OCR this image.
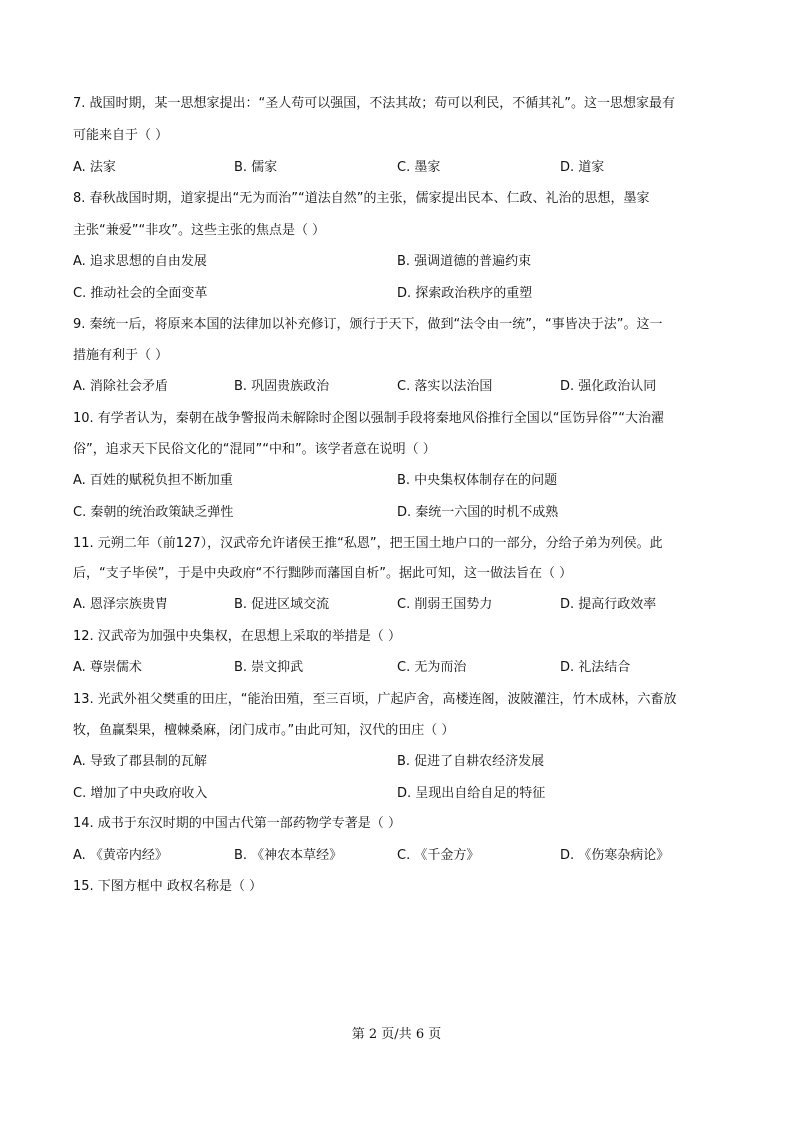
7. 战国时期，某一思想家提出：“圣人苟可以强国，不法其故；苟可以利民，不循其礼”。这一思想家最有
可能来自于（ ）
A. 法家	B. 儒家	C. 墨家	D. 道家
8. 春秋战国时期，道家提出“无为而治”“道法自然”的主张，儒家提出民本、仁政、礼治的思想，墨家
主张“兼爱”“非攻”。这些主张的焦点是（ ）
A. 追求思想的自由发展	B. 强调道德的普遍约束
C. 推动社会的全面变革	D. 探索政治秩序的重塑
9. 秦统一后，将原来本国的法律加以补充修订，颁行于天下，做到“法令由一统”，“事皆决于法”。这一
措施有利于（ ）
A. 消除社会矛盾	B. 巩固贵族政治	C. 落实以法治国	D. 强化政治认同
10. 有学者认为，秦朝在战争警报尚未解除时企图以强制手段将秦地风俗推行全国以“匡饬异俗”“大治濯
俗”，追求天下民俗文化的“混同”“中和”。该学者意在说明（ ）
A. 百姓的赋税负担不断加重	B. 中央集权体制存在的问题
C. 秦朝的统治政策缺乏弹性	D. 秦统一六国的时机不成熟
11. 元朔二年（前127），汉武帝允许诸侯王推“私恩”，把王国土地户口的一部分，分给子弟为列侯。此
后，“支子毕侯”，于是中央政府“不行黜陟而藩国自析”。据此可知，这一做法旨在（ ）
A. 恩泽宗族贵胄	B. 促进区域交流	C. 削弱王国势力	D. 提高行政效率
12. 汉武帝为加强中央集权，在思想上采取的举措是（ ）
A. 尊崇儒术	B. 崇文抑武	C. 无为而治	D. 礼法结合
13. 光武外祖父樊重的田庄，“能治田殖，至三百顷，广起庐舍，高楼连阁，波陂灌注，竹木成林，六畜放
牧，鱼赢梨果，檀棘桑麻，闭门成市。”由此可知，汉代的田庄（ ）
A. 导致了郡县制的瓦解	B. 促进了自耕农经济发展
C. 增加了中央政府收入	D. 呈现出自给自足的特征
14. 成书于东汉时期的中国古代第一部药物学专著是（ ）
A. 《黄帝内经》	B. 《神农本草经》	C. 《千金方》	D. 《伤寒杂病论》
15. 下图方框中 政权名称是（ ）
第 2 页/共 6 页
